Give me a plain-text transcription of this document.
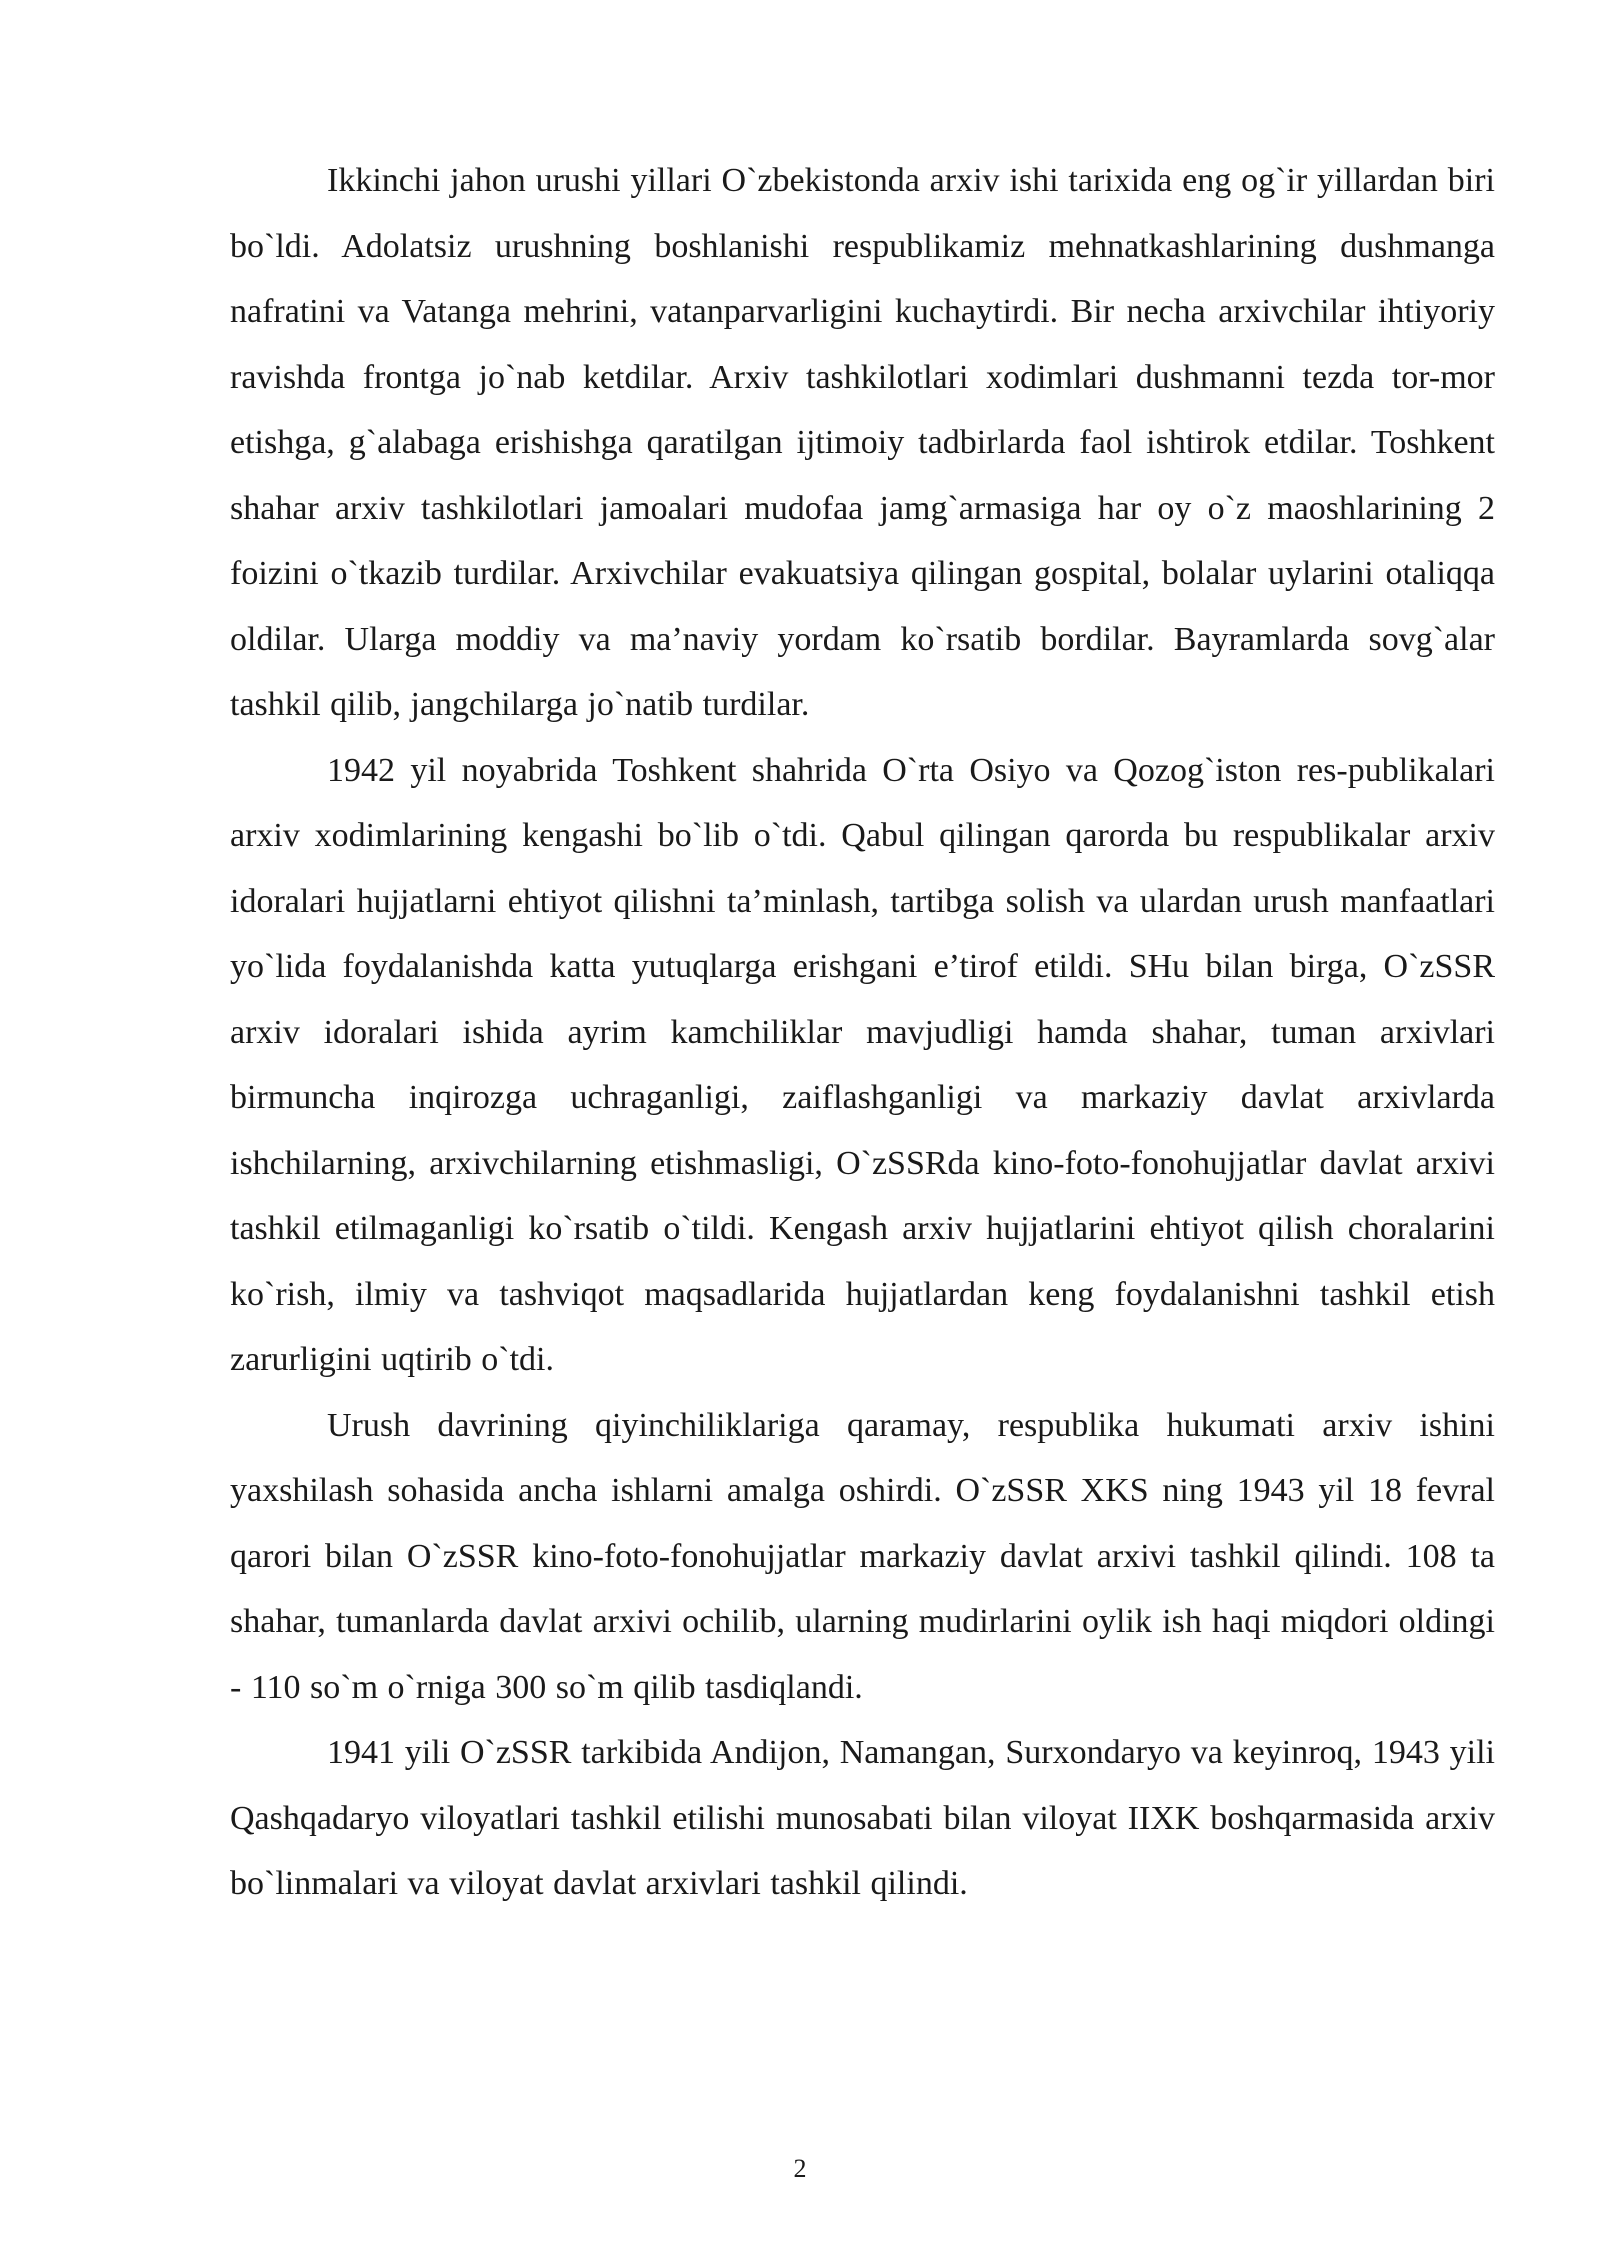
Ikkinchi jahon urushi yillari O`zbekistonda arxiv ishi tarixida eng og`ir yillardan biri bo`ldi. Adolatsiz urushning boshlanishi respublikamiz mehnatkashlarining dushmanga nafratini va Vatanga mehrini, vatanparvarligini kuchaytirdi. Bir necha arxivchilar ihtiyoriy ravishda frontga jo`nab ketdilar. Arxiv tashkilotlari xodimlari dushmanni tezda tor-mor etishga, g`alabaga erishishga qaratilgan ijtimoiy tadbirlarda faol ishtirok etdilar. Toshkent shahar arxiv tashkilotlari jamoalari mudofaa jamg`armasiga har oy o`z maoshlarining 2 foizini o`tkazib turdilar. Arxivchilar evakuatsiya qilingan gospital, bolalar uylarini otaliqqa oldilar. Ularga moddiy va ma’naviy yordam ko`rsatib bordilar. Bayramlarda sovg`alar tashkil qilib, jangchilarga jo`natib turdilar.

1942 yil noyabrida Toshkent shahrida O`rta Osiyo va Qozog`iston res-publikalari arxiv xodimlarining kengashi bo`lib o`tdi. Qabul qilingan qarorda bu respublikalar arxiv idoralari hujjatlarni ehtiyot qilishni ta’minlash, tartibga solish va ulardan urush manfaatlari yo`lida foydalanishda katta yutuqlarga erishgani e’tirof etildi. SHu bilan birga, O`zSSR arxiv idoralari ishida ayrim kamchiliklar mavjudligi hamda shahar, tuman arxivlari birmuncha inqirozga uchraganligi, zaiflashganligi va markaziy davlat arxivlarda ishchilarning, arxivchilarning etishmasligi, O`zSSRda kino-foto-fonohujjatlar davlat arxivi tashkil etilmaganligi ko`rsatib o`tildi. Kengash arxiv hujjatlarini ehtiyot qilish choralarini ko`rish, ilmiy va tashviqot maqsadlarida hujjatlardan keng foydalanishni tashkil etish zarurligini uqtirib o`tdi.

Urush davrining qiyinchiliklariga qaramay, respublika hukumati arxiv ishini yaxshilash sohasida ancha ishlarni amalga oshirdi. O`zSSR XKS ning 1943 yil 18 fevral qarori bilan O`zSSR kino-foto-fonohujjatlar markaziy davlat arxivi tashkil qilindi. 108 ta shahar, tumanlarda davlat arxivi ochilib, ularning mudirlarini oylik ish haqi miqdori oldingi - 110 so`m o`rniga 300 so`m qilib tasdiqlandi.

1941 yili O`zSSR tarkibida Andijon, Namangan, Surxondaryo va keyinroq, 1943 yili Qashqadaryo viloyatlari tashkil etilishi munosabati bilan viloyat IIXK boshqarmasida arxiv bo`linmalari va viloyat davlat arxivlari tashkil qilindi.

2
